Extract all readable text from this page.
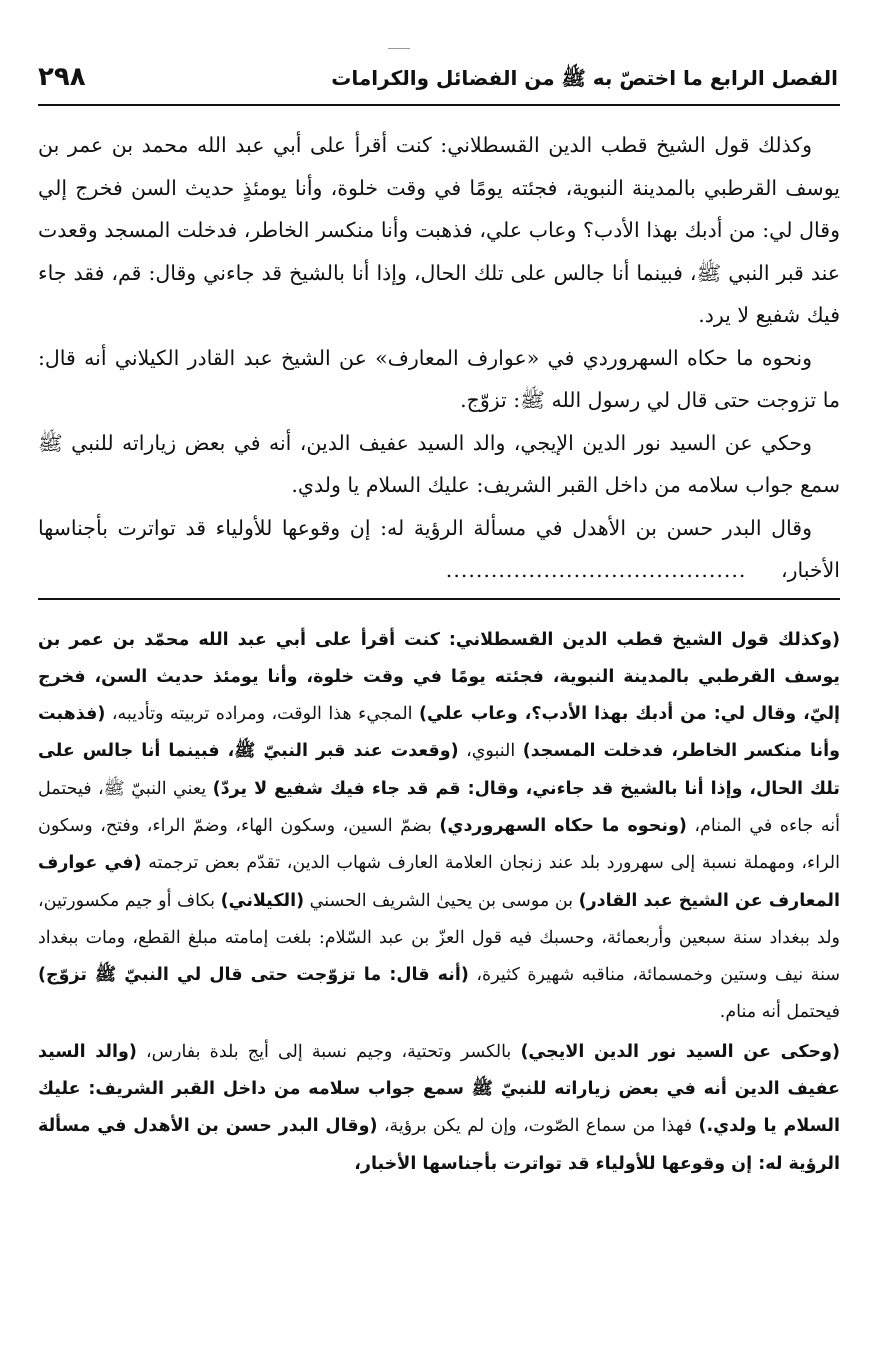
الفصل الرابع ما اختصّ به ﷺ من الفضائل والكرامات
٢٩٨

وكذلك قول الشيخ قطب الدين القسطلاني: كنت أقرأ على أبي عبد الله محمد بن عمر بن يوسف القرطبي بالمدينة النبوية، فجئته يومًا في وقت خلوة، وأنا يومئذٍ حديث السن فخرج إلي وقال لي: من أدبك بهذا الأدب؟ وعاب علي، فذهبت وأنا منكسر الخاطر، فدخلت المسجد وقعدت عند قبر النبي ﷺ، فبينما أنا جالس على تلك الحال، وإذا أنا بالشيخ قد جاءني وقال: قم، فقد جاء فيك شفيع لا يرد.

ونحوه ما حكاه السهروردي في «عوارف المعارف» عن الشيخ عبد القادر الكيلاني أنه قال: ما تزوجت حتى قال لي رسول الله ﷺ: تزوّج.

وحكي عن السيد نور الدين الإيجي، والد السيد عفيف الدين، أنه في بعض زياراته للنبي ﷺ سمع جواب سلامه من داخل القبر الشريف: عليك السلام يا ولدي.

وقال البدر حسن بن الأهدل في مسألة الرؤية له: إن وقوعها للأولياء قد تواترت بأجناسها الأخبار، ........................................

(وكذلك قول الشيخ قطب الدين القسطلاني: كنت أقرأ على أبي عبد الله محمّد بن عمر بن يوسف القرطبي بالمدينة النبوية، فجئته يومًا في وقت خلوة، وأنا يومئذ حديث السن، فخرج إليّ، وقال لي: من أدبك بهذا الأدب؟، وعاب علي) المجيء هذا الوقت، ومراده تربيته وتأديبه، (فذهبت وأنا منكسر الخاطر، فدخلت المسجد) النبوي، (وقعدت عند قبر النبيّ ﷺ، فبينما أنا جالس على تلك الحال، وإذا أنا بالشيخ قد جاءني، وقال: قم قد جاء فيك شفيع لا يردّ) يعني النبيّ ﷺ، فيحتمل أنه جاءه في المنام، (ونحوه ما حكاه السهروردي) بضمّ السين، وسكون الهاء، وضمّ الراء، وفتح، وسكون الراء، ومهملة نسبة إلى سهرورد بلد عند زنجان العلامة العارف شهاب الدين، تقدّم بعض ترجمته (في عوارف المعارف عن الشيخ عبد القادر) بن موسى بن يحيىٰ الشريف الحسني (الكيلاني) بكاف أو جيم مكسورتين، ولد ببغداد سنة سبعين وأربعمائة، وحسبك فيه قول العزّ بن عبد السّلام: بلغت إمامته مبلغ القطع، ومات ببغداد سنة نيف وستين وخمسمائة، مناقبه شهيرة كثيرة، (أنه قال: ما تزوّجت حتى قال لي النبيّ ﷺ تزوّج) فيحتمل أنه منام.

(وحكى عن السيد نور الدين الايجي) بالكسر وتحتية، وجيم نسبة إلى أيج بلدة بفارس، (والد السيد عفيف الدين أنه في بعض زياراته للنبيّ ﷺ سمع جواب سلامه من داخل القبر الشريف: عليك السلام يا ولدي.) فهذا من سماع الصّوت، وإن لم يكن برؤية، (وقال البدر حسن بن الأهدل في مسألة الرؤية له: إن وقوعها للأولياء قد تواترت بأجناسها الأخبار،
